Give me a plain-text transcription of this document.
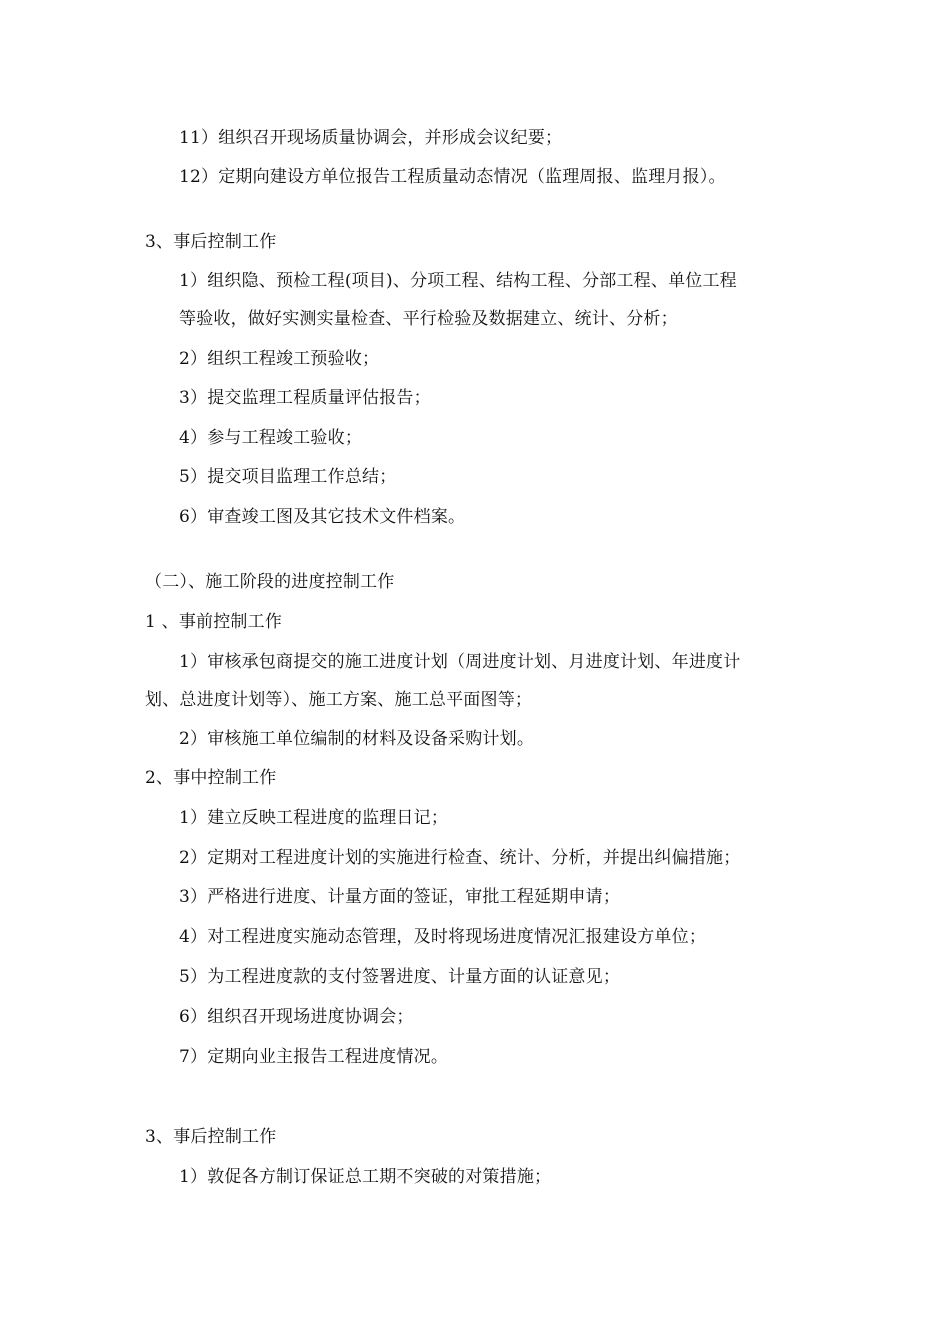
11）组织召开现场质量协调会，并形成会议纪要；
12）定期向建设方单位报告工程质量动态情况（监理周报、监理月报）。
3、事后控制工作
1）组织隐、预检工程(项目)、分项工程、结构工程、分部工程、单位工程
等验收，做好实测实量检查、平行检验及数据建立、统计、分析；
2）组织工程竣工预验收；
3）提交监理工程质量评估报告；
4）参与工程竣工验收；
5）提交项目监理工作总结；
6）审查竣工图及其它技术文件档案。
（二）、施工阶段的进度控制工作
1 、事前控制工作
1）审核承包商提交的施工进度计划（周进度计划、月进度计划、年进度计
划、总进度计划等）、施工方案、施工总平面图等；
2）审核施工单位编制的材料及设备采购计划。
2、事中控制工作
1）建立反映工程进度的监理日记；
2）定期对工程进度计划的实施进行检查、统计、分析，并提出纠偏措施；
3）严格进行进度、计量方面的签证，审批工程延期申请；
4）对工程进度实施动态管理，及时将现场进度情况汇报建设方单位；
5）为工程进度款的支付签署进度、计量方面的认证意见；
6）组织召开现场进度协调会；
7）定期向业主报告工程进度情况。
3、事后控制工作
1）敦促各方制订保证总工期不突破的对策措施；
